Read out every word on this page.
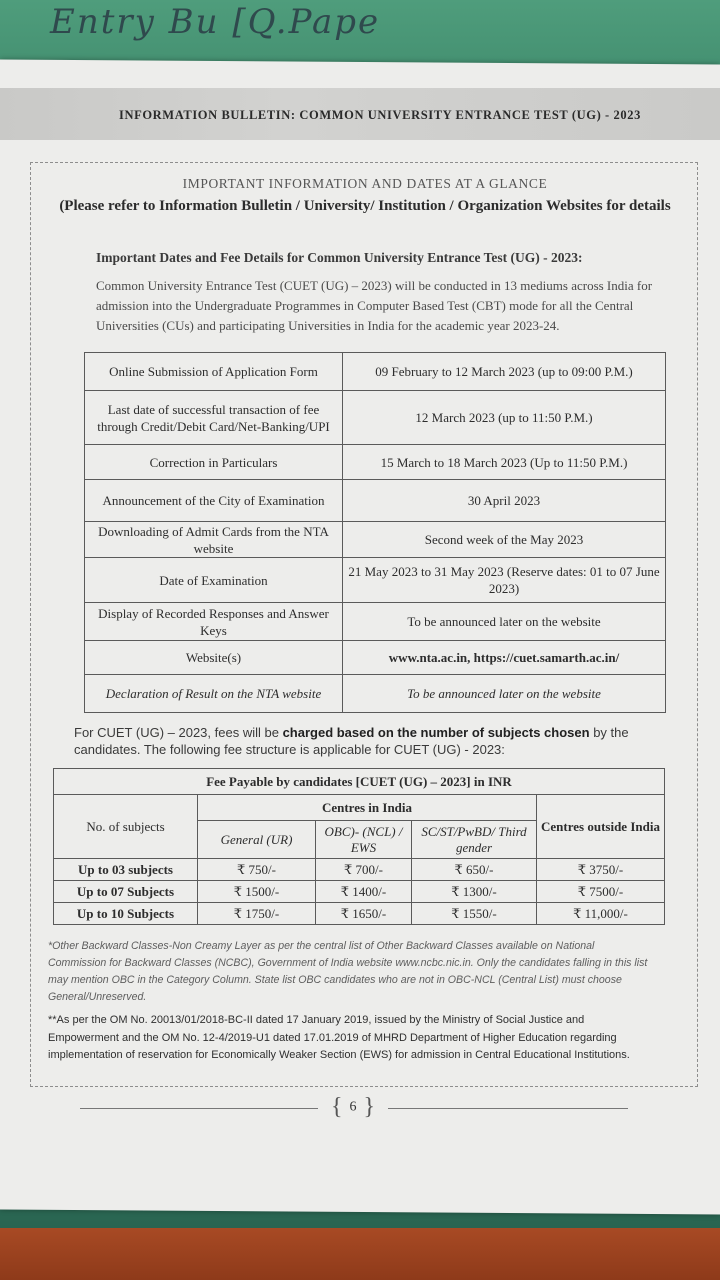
Entry Bu [Q.Pape
INFORMATION BULLETIN: COMMON UNIVERSITY ENTRANCE TEST (UG) - 2023
IMPORTANT INFORMATION AND DATES AT A GLANCE
(Please refer to Information Bulletin / University/ Institution / Organization Websites for details
Important Dates and Fee Details for Common University Entrance Test (UG) - 2023:
Common University Entrance Test (CUET (UG) – 2023) will be conducted in 13 mediums across India for admission into the Undergraduate Programmes in Computer Based Test (CBT) mode for all the Central Universities (CUs) and participating Universities in India for the academic year 2023-24.
Online Submission of Application Form	09 February to 12 March 2023 (up to 09:00 P.M.)
Last date of successful transaction of fee through Credit/Debit Card/Net-Banking/UPI	12 March 2023 (up to 11:50 P.M.)
Correction in Particulars	15 March to 18 March 2023 (Up to 11:50 P.M.)
Announcement of the City of Examination	30 April 2023
Downloading of Admit Cards from the NTA website	Second week of the May 2023
Date of Examination	21 May 2023 to 31 May 2023 (Reserve dates: 01 to 07 June 2023)
Display of Recorded Responses and Answer Keys	To be announced later on the website
Website(s)	www.nta.ac.in, https://cuet.samarth.ac.in/
Declaration of Result on the NTA website	To be announced later on the website
For CUET (UG) – 2023, fees will be charged based on the number of subjects chosen by the candidates. The following fee structure is applicable for CUET (UG) - 2023:
Fee Payable by candidates [CUET (UG) – 2023] in INR				
No. of subjects	Centres in India			Centres outside India
	General (UR)	OBC)- (NCL) / EWS	SC/ST/PwBD/ Third gender	
Up to 03 subjects	₹ 750/-	₹ 700/-	₹ 650/-	₹ 3750/-
Up to 07 Subjects	₹ 1500/-	₹ 1400/-	₹ 1300/-	₹ 7500/-
Up to 10 Subjects	₹ 1750/-	₹ 1650/-	₹ 1550/-	₹ 11,000/-
*Other Backward Classes-Non Creamy Layer as per the central list of Other Backward Classes available on National Commission for Backward Classes (NCBC), Government of India website www.ncbc.nic.in. Only the candidates falling in this list may mention OBC in the Category Column. State list OBC candidates who are not in OBC-NCL (Central List) must choose General/Unreserved.
**As per the OM No. 20013/01/2018-BC-II dated 17 January 2019, issued by the Ministry of Social Justice and Empowerment and the OM No. 12-4/2019-U1 dated 17.01.2019 of MHRD Department of Higher Education regarding implementation of reservation for Economically Weaker Section (EWS) for admission in Central Educational Institutions.
{ 6 }
